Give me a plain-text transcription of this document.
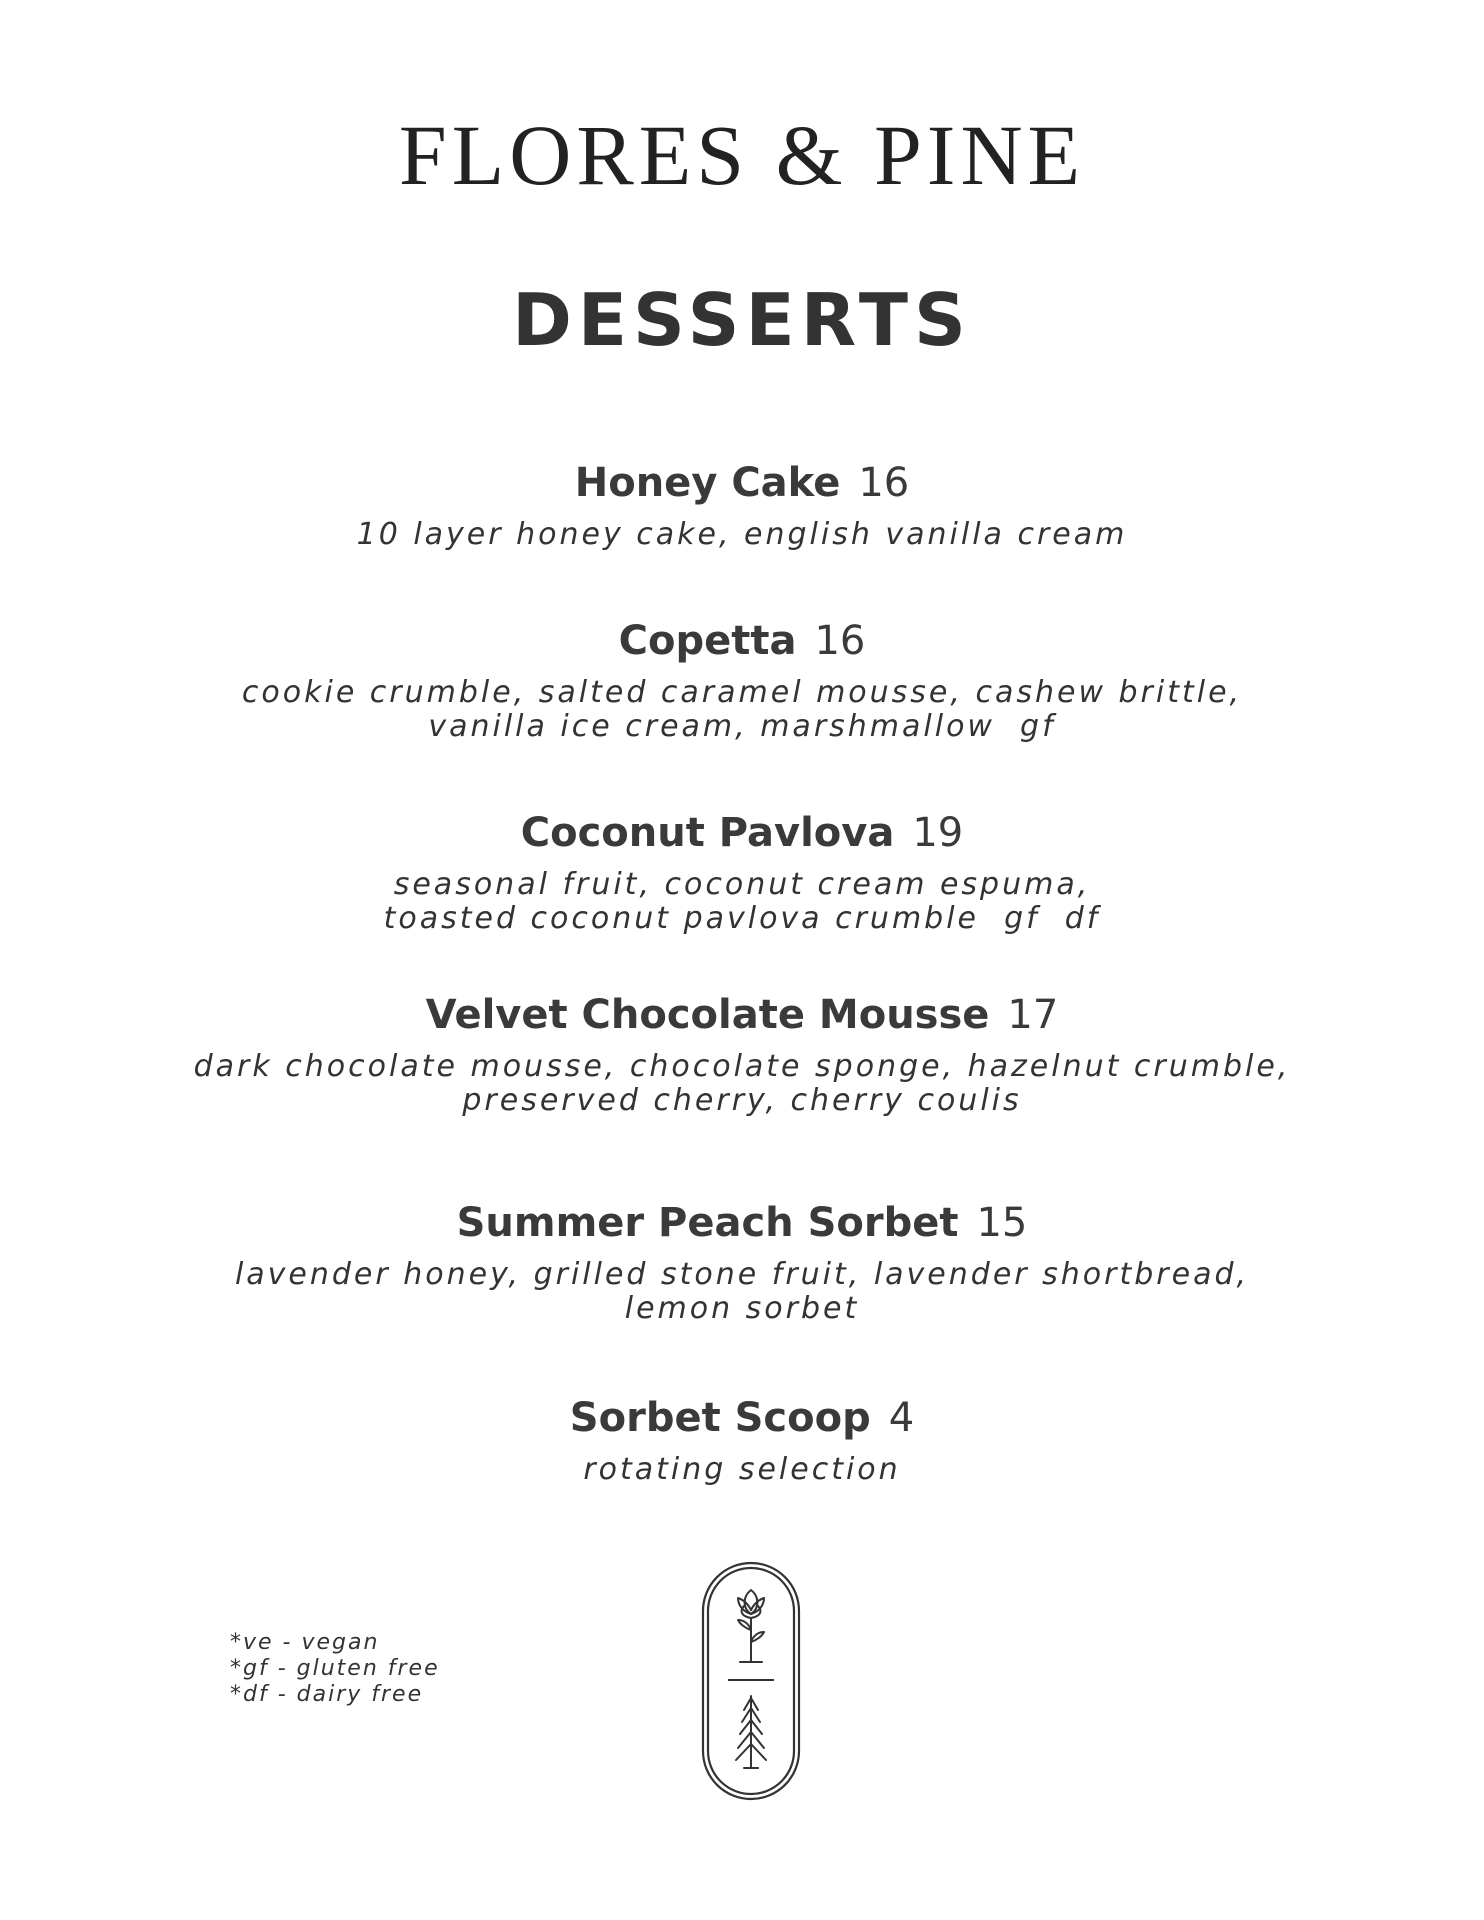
FLORES & PINE
DESSERTS
Honey Cake 16
10 layer honey cake, english vanilla cream
Copetta 16
cookie crumble, salted caramel mousse, cashew brittle,
vanilla ice cream, marshmallow  gf
Coconut Pavlova 19
seasonal fruit, coconut cream espuma,
toasted coconut pavlova crumble  gf  df
Velvet Chocolate Mousse 17
dark chocolate mousse, chocolate sponge, hazelnut crumble,
preserved cherry, cherry coulis
Summer Peach Sorbet 15
lavender honey, grilled stone fruit, lavender shortbread,
lemon sorbet
Sorbet Scoop 4
rotating selection
*ve - vegan
*gf - gluten free
*df - dairy free
